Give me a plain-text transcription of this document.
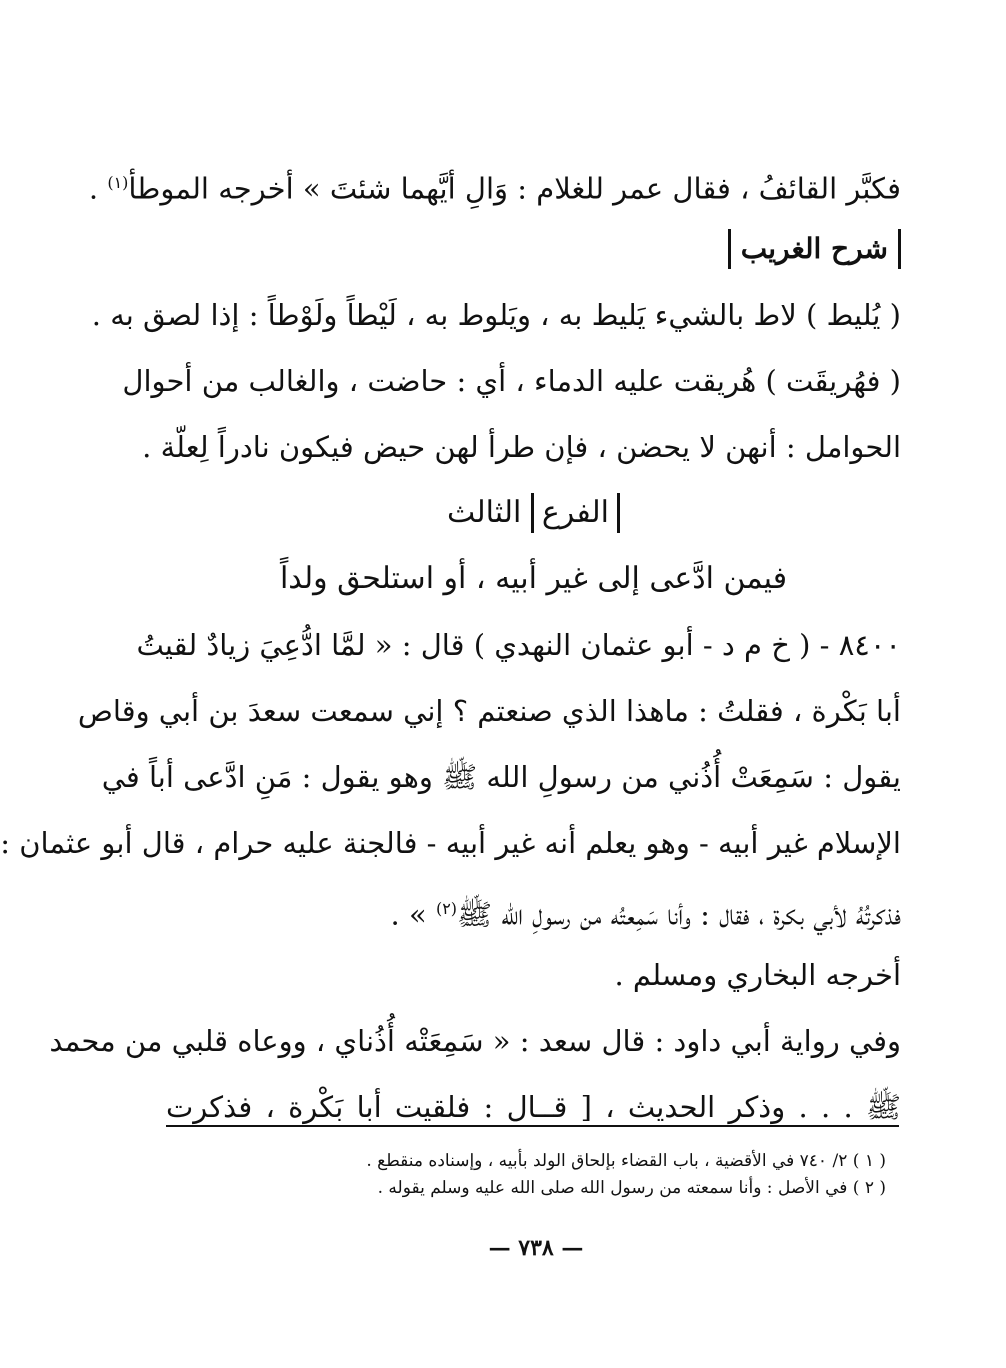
فكبَّر القائفُ ، فقال عمر للغلام : وَالِ أيَّهما شئتَ » أخرجه الموطأ$^{(١)}$ .
شرح الغريب
( يُليط ) لاط بالشيء يَليط به ، ويَلوط به ، لَيْطاً ولَوْطاً : إذا لصق به .
( فهُريقَت ) هُريقت عليه الدماء ، أي : حاضت ، والغالب من أحوال
الحوامل : أنهن لا يحضن ، فإن طرأ لهن حيض فيكون نادراً لِعلّة .
الفرع الثالث
فيمن ادَّعى إلى غير أبيه ، أو استلحق ولداً
٨٤٠٠ - ( خ م د - أبو عثمان النهدي ) قال : « لمَّا ادُّعِيَ زيادٌ لقيتُ
أبا بَكْرة ، فقلتُ : ماهذا الذي صنعتم ؟ إني سمعت سعدَ بن أبي وقاص
يقول : سَمِعَتْ أُذُني من رسولِ الله ﷺ وهو يقول : مَنِ ادَّعى أباً في
الإسلام غير أبيه - وهو يعلم أنه غير أبيه - فالجنة عليه حرام ، قال أبو عثمان :
فذكرتُهُ لأبي بكرة ، فقال : وأنا سَمِعتُه من رسولِ الله ﷺ$^{(٢)}$ » .
أخرجه البخاري ومسلم .
وفي رواية أبي داود : قال سعد : « سَمِعَتْه أُذُناي ، ووعاه قلبي من محمد
ﷺ . . . وذكر الحديث ، [ قــال : فلقيت أبا بَكْرة ، فذكرت
( ١ ) ٢/ ٧٤٠ في الأقضية ، باب القضاء بإلحاق الولد بأبيه ، وإسناده منقطع .
( ٢ ) في الأصل : وأنا سمعته من رسول الله صلى الله عليه وسلم يقوله .
— ٧٣٨ —
